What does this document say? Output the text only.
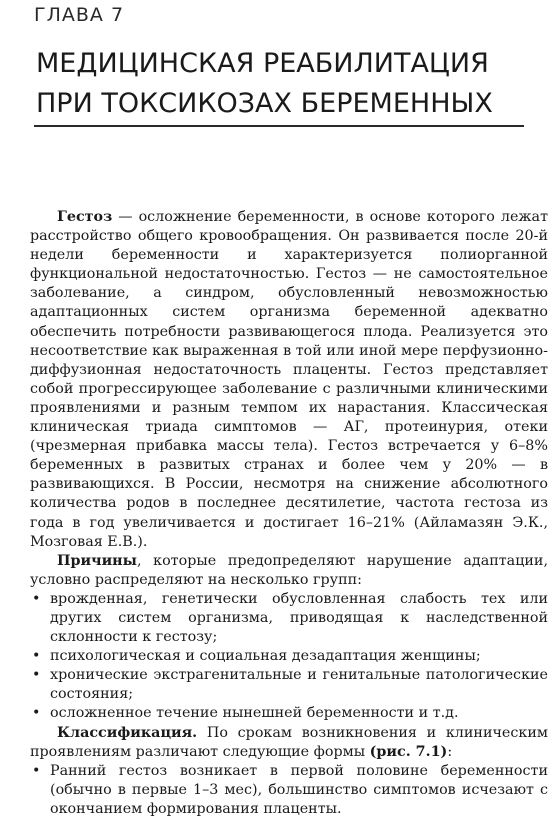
ГЛАВА 7
МЕДИЦИНСКАЯ РЕАБИЛИТАЦИЯ
ПРИ ТОКСИКОЗАХ БЕРЕМЕННЫХ

Гестоз — осложнение беременности, в основе которого лежат расстройство общего кровообращения. Он развивается после 20-й недели беременности и характеризуется полиорганной функциональной недостаточностью. Гестоз — не самостоятельное заболевание, а синдром, обусловленный невозможностью адаптационных систем организма беременной адекватно обеспечить потребности развивающегося плода. Реализуется это несоответствие как выраженная в той или иной мере перфузионно-диффузионная недостаточность плаценты. Гестоз представляет собой прогрессирующее заболевание с различными клиническими проявлениями и разным темпом их нарастания. Классическая клиническая триада симптомов — АГ, протеинурия, отеки (чрезмерная прибавка массы тела). Гестоз встречается у 6–8% беременных в развитых странах и более чем у 20% — в развивающихся. В России, несмотря на снижение абсолютного количества родов в последнее десятилетие, частота гестоза из года в год увеличивается и достигает 16–21% (Айламазян Э.К., Мозговая Е.В.).

Причины, которые предопределяют нарушение адаптации, условно распределяют на несколько групп:

• врожденная, генетически обусловленная слабость тех или других систем организма, приводящая к наследственной склонности к гестозу;
• психологическая и социальная дезадаптация женщины;
• хронические экстрагенитальные и генитальные патологические состояния;
• осложненное течение нынешней беременности и т.д.

Классификация. По срокам возникновения и клиническим проявлениям различают следующие формы (рис. 7.1):

• Ранний гестоз возникает в первой половине беременности (обычно в первые 1–3 мес), большинство симптомов исчезают с окончанием формирования плаценты.
